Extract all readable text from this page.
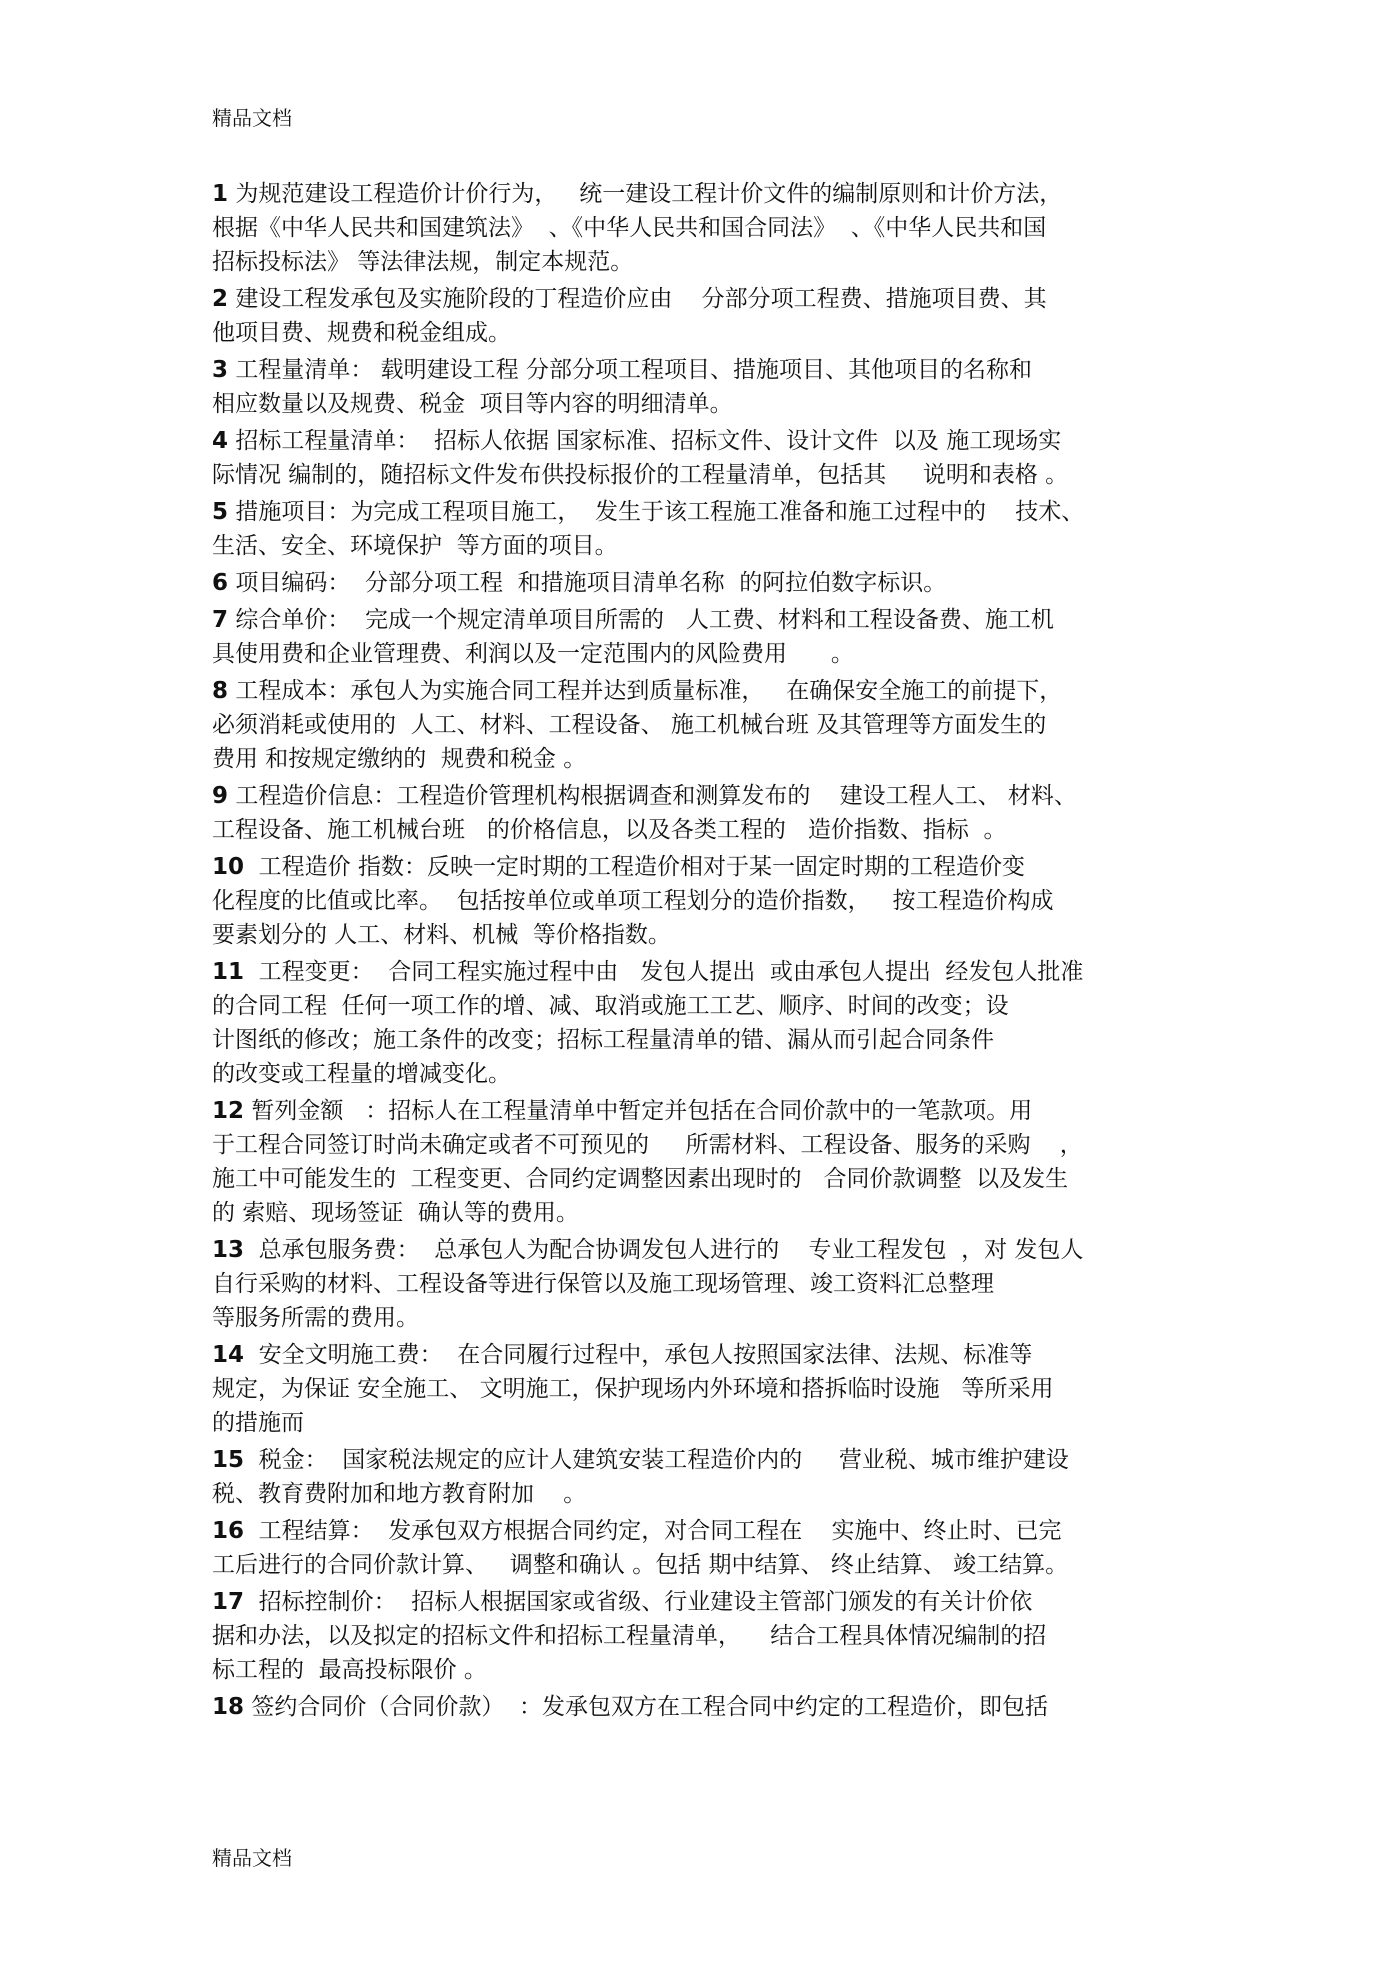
精品文档
1 为规范建设工程造价计价行为，   统一建设工程计价文件的编制原则和计价方法，
根据《中华人民共和国建筑法》  、《中华人民共和国合同法》  、《中华人民共和国
招标投标法》 等法律法规，制定本规范。
2 建设工程发承包及实施阶段的丁程造价应由    分部分项工程费、措施项目费、其
他项目费、规费和税金组成。
3 工程量清单： 载明建设工程 分部分项工程项目、措施项目、其他项目的名称和
相应数量以及规费、税金  项目等内容的明细清单。
4 招标工程量清单：  招标人依据 国家标准、招标文件、设计文件  以及 施工现场实
际情况 编制的，随招标文件发布供投标报价的工程量清单，包括其     说明和表格 。
5 措施项目：为完成工程项目施工，  发生于该工程施工准备和施工过程中的    技术、
生活、安全、环境保护  等方面的项目。
6 项目编码：  分部分项工程  和措施项目清单名称  的阿拉伯数字标识。
7 综合单价：  完成一个规定清单项目所需的   人工费、材料和工程设备费、施工机
具使用费和企业管理费、利润以及一定范围内的风险费用      。
8 工程成本：承包人为实施合同工程并达到质量标准，   在确保安全施工的前提下，
必须消耗或使用的  人工、材料、工程设备、 施工机械台班 及其管理等方面发生的
费用 和按规定缴纳的  规费和税金 。
9 工程造价信息：工程造价管理机构根据调查和测算发布的    建设工程人工、 材料、
工程设备、施工机械台班   的价格信息，以及各类工程的   造价指数、指标  。
10  工程造价 指数：反映一定时期的工程造价相对于某一固定时期的工程造价变
化程度的比值或比率。  包括按单位或单项工程划分的造价指数，   按工程造价构成
要素划分的 人工、材料、机械  等价格指数。
11  工程变更：  合同工程实施过程中由   发包人提出  或由承包人提出  经发包人批准
的合同工程  任何一项工作的增、减、取消或施工工艺、顺序、时间的改变；设
计图纸的修改；施工条件的改变；招标工程量清单的错、漏从而引起合同条件
的改变或工程量的增减变化。
12 暂列金额   ：招标人在工程量清单中暂定并包括在合同价款中的一笔款项。用
于工程合同签订时尚未确定或者不可预见的     所需材料、工程设备、服务的采购    ，
施工中可能发生的  工程变更、合同约定调整因素出现时的   合同价款调整  以及发生
的 索赔、现场签证  确认等的费用。
13  总承包服务费：  总承包人为配合协调发包人进行的    专业工程发包  ，对 发包人
自行采购的材料、工程设备等进行保管以及施工现场管理、竣工资料汇总整理
等服务所需的费用。
14  安全文明施工费：  在合同履行过程中，承包人按照国家法律、法规、标准等
规定，为保证 安全施工、 文明施工，保护现场内外环境和搭拆临时设施   等所采用
的措施而
15  税金：  国家税法规定的应计人建筑安装工程造价内的     营业税、城市维护建设
税、教育费附加和地方教育附加    。
16  工程结算：  发承包双方根据合同约定，对合同工程在    实施中、终止时、已完
工后进行的合同价款计算、   调整和确认 。包括 期中结算、 终止结算、 竣工结算。
17  招标控制价：  招标人根据国家或省级、行业建设主管部门颁发的有关计价依
据和办法，以及拟定的招标文件和招标工程量清单，    结合工程具体情况编制的招
标工程的  最高投标限价 。
18 签约合同价（合同价款）  ：发承包双方在工程合同中约定的工程造价，即包括
精品文档
